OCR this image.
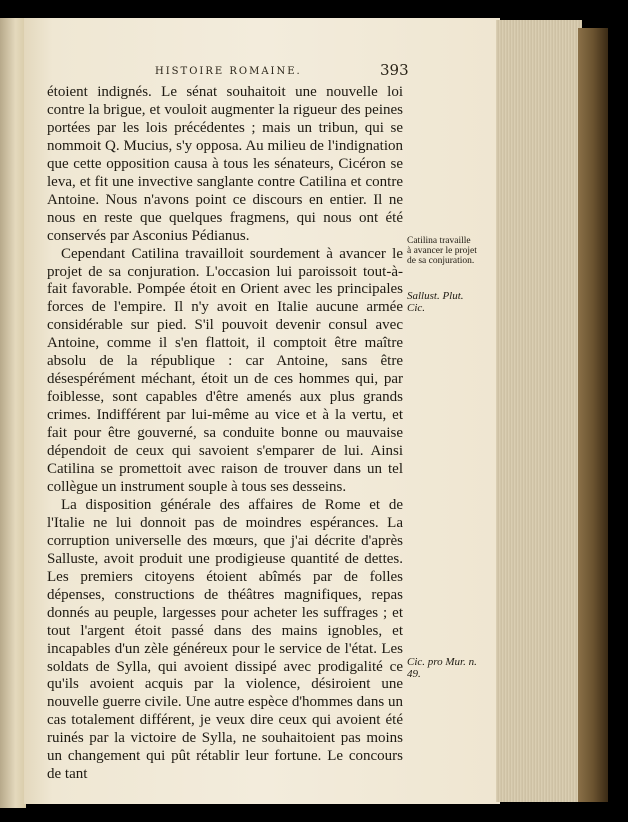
HISTOIRE ROMAINE.	393

étoient indignés. Le sénat souhaitoit une nouvelle loi contre la brigue, et vouloit augmenter la rigueur des peines portées par les lois précédentes ; mais un tribun, qui se nommoit Q. Mucius, s'y opposa. Au milieu de l'indignation que cette opposition causa à tous les sénateurs, Cicéron se leva, et fit une invective sanglante contre Catilina et contre Antoine. Nous n'avons point ce discours en entier. Il ne nous en reste que quelques fragmens, qui nous ont été conservés par Asconius Pédianus.

Cependant Catilina travailloit sourdement à avancer le projet de sa conjuration. L'occasion lui paroissoit tout-à-fait favorable. Pompée étoit en Orient avec les principales forces de l'empire. Il n'y avoit en Italie aucune armée considérable sur pied. S'il pouvoit devenir consul avec Antoine, comme il s'en flattoit, il comptoit être maître absolu de la république : car Antoine, sans être désespérément méchant, étoit un de ces hommes qui, par foiblesse, sont capables d'être amenés aux plus grands crimes. Indifférent par lui-même au vice et à la vertu, et fait pour être gouverné, sa conduite bonne ou mauvaise dépendoit de ceux qui savoient s'emparer de lui. Ainsi Catilina se promettoit avec raison de trouver dans un tel collègue un instrument souple à tous ses desseins.

La disposition générale des affaires de Rome et de l'Italie ne lui donnoit pas de moindres espérances. La corruption universelle des mœurs, que j'ai décrite d'après Salluste, avoit produit une prodigieuse quantité de dettes. Les premiers citoyens étoient abîmés par de folles dépenses, constructions de théâtres magnifiques, repas donnés au peuple, largesses pour acheter les suffrages ; et tout l'argent étoit passé dans des mains ignobles, et incapables d'un zèle généreux pour le service de l'état. Les soldats de Sylla, qui avoient dissipé avec prodigalité ce qu'ils avoient acquis par la violence, désiroient une nouvelle guerre civile. Une autre espèce d'hommes dans un cas totalement différent, je veux dire ceux qui avoient été ruinés par la victoire de Sylla, ne souhaitoient pas moins un changement qui pût rétablir leur fortune. Le concours de tant

Catilina travaille à avancer le projet de sa conjuration.
Sallust. Plut. Cic.
Cic. pro Mur. n. 49.
